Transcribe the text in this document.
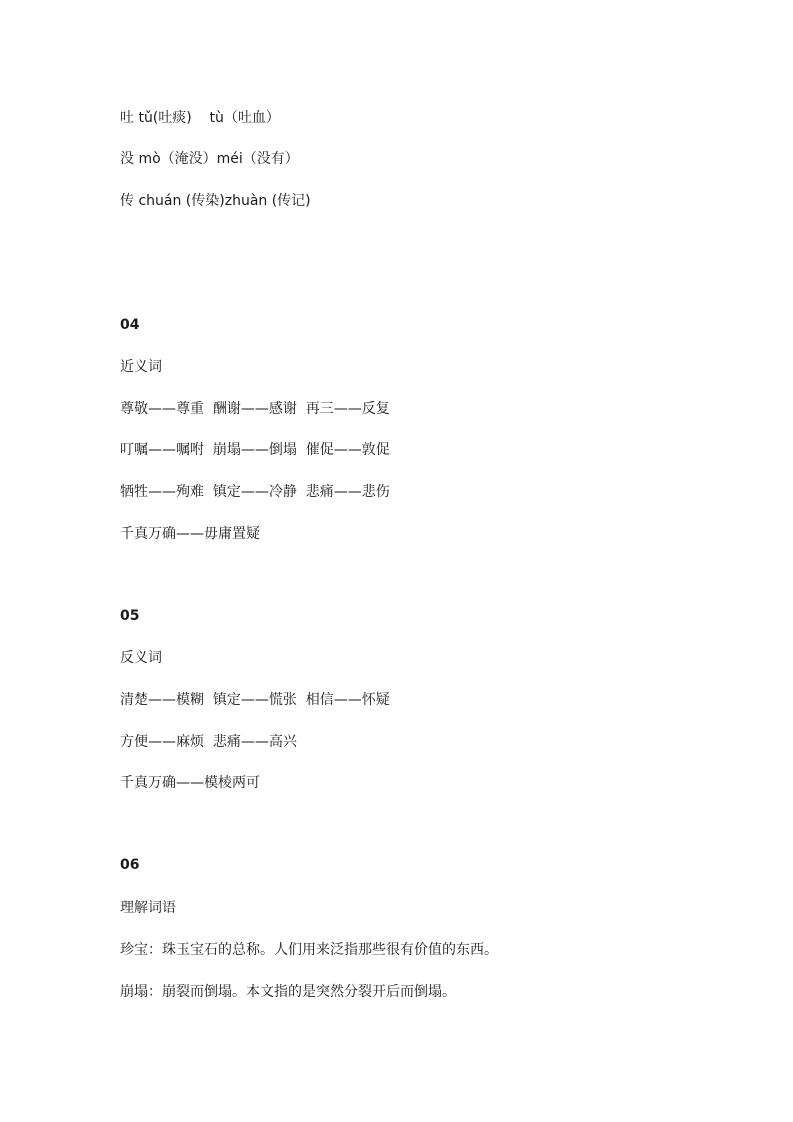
吐 tǔ(吐痰)    tù（吐血）
没 mò（淹没）méi（没有）
传 chuán (传染)zhuàn (传记)
04
近义词
尊敬——尊重  酬谢——感谢  再三——反复
叮嘱——嘱咐  崩塌——倒塌  催促——敦促
牺牲——殉难  镇定——冷静  悲痛——悲伤
千真万确——毋庸置疑
05
反义词
清楚——模糊  镇定——慌张  相信——怀疑
方便——麻烦  悲痛——高兴
千真万确——模棱两可
06
理解词语
珍宝：珠玉宝石的总称。人们用来泛指那些很有价值的东西。
崩塌：崩裂而倒塌。本文指的是突然分裂开后而倒塌。
